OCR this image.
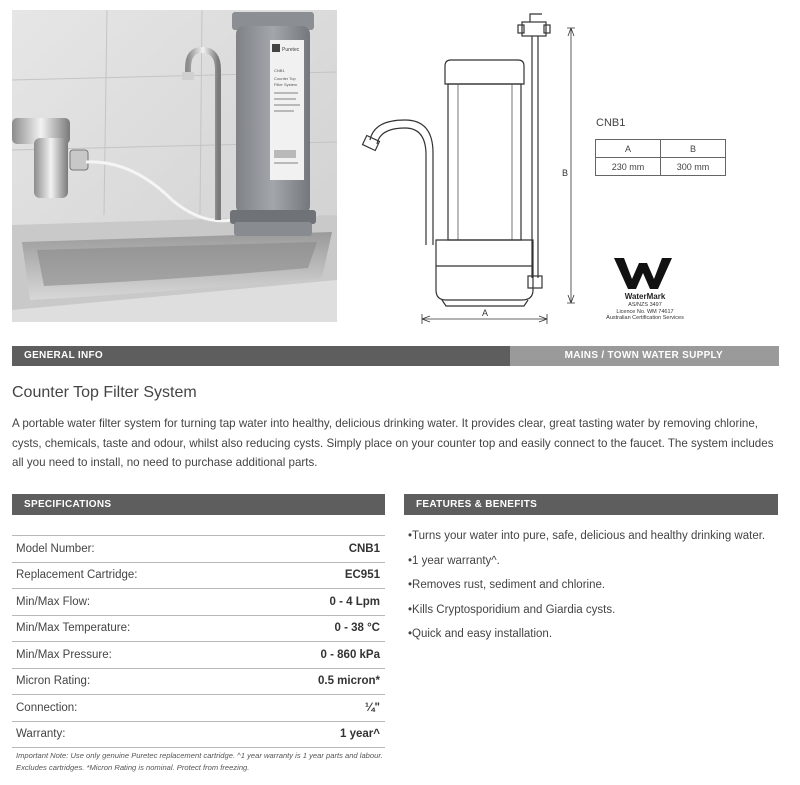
Puretec
CNB1
Counter Top
Filter System
B
A
CNB1
A	B
230 mm	300 mm
WaterMark
AS/NZS 3497
Licence No. WM 74617
Australian Certification Services
GENERAL INFO	MAINS / TOWN WATER SUPPLY
Counter Top Filter System

A portable water filter system for turning tap water into healthy, delicious drinking water. It provides clear, great tasting water by removing chlorine, cysts, chemicals, taste and odour, whilst also reducing cysts. Simply place on your counter top and easily connect to the faucet. The system includes all you need to install, no need to purchase additional parts.

SPECIFICATIONS
Model Number:	CNB1
Replacement Cartridge:	EC951
Min/Max Flow:	0 - 4 Lpm
Min/Max Temperature:	0 - 38 °C
Min/Max Pressure:	0 - 860 kPa
Micron Rating:	0.5 micron*
Connection:	¼"
Warranty:	1 year^

Important Note: Use only genuine Puretec replacement cartridge. ^1 year warranty is 1 year parts and labour. Excludes cartridges. *Micron Rating is nominal. Protect from freezing.

FEATURES & BENEFITS
• Turns your water into pure, safe, delicious and healthy drinking water.
• 1 year warranty^.
• Removes rust, sediment and chlorine.
• Kills Cryptosporidium and Giardia cysts.
• Quick and easy installation.
